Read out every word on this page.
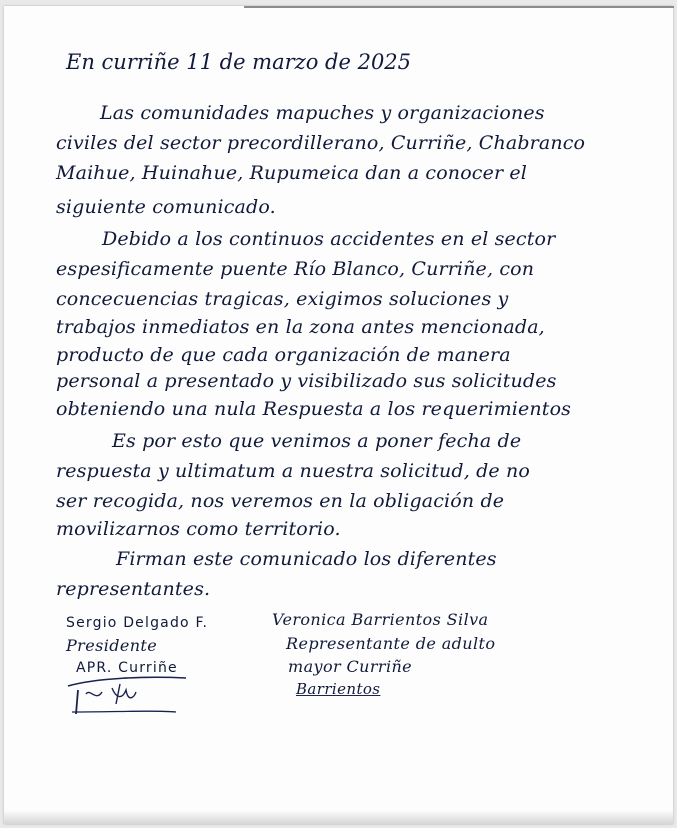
En curriñe 11 de marzo de 2025

Las comunidades mapuches y organizaciones

civiles del sector precordillerano, Curriñe, Chabranco

Maihue, Huinahue, Rupumeica dan a conocer el

siguiente comunicado.

Debido a los continuos accidentes en el sector

espesificamente puente Río Blanco, Curriñe, con

concecuencias tragicas, exigimos soluciones y

trabajos inmediatos en la zona antes mencionada,

producto de que cada organización de manera

personal a presentado y visibilizado sus solicitudes

obteniendo una nula Respuesta a los requerimientos

Es por esto que venimos a poner fecha de

respuesta y ultimatum a nuestra solicitud, de no

ser recogida, nos veremos en la obligación de

movilizarnos como territorio.

Firman este comunicado los diferentes

representantes.

Sergio Delgado F.

Presidente

APR. Curriñe

Veronica Barrientos Silva

Representante de adulto

mayor Curriñe

Barrientos
